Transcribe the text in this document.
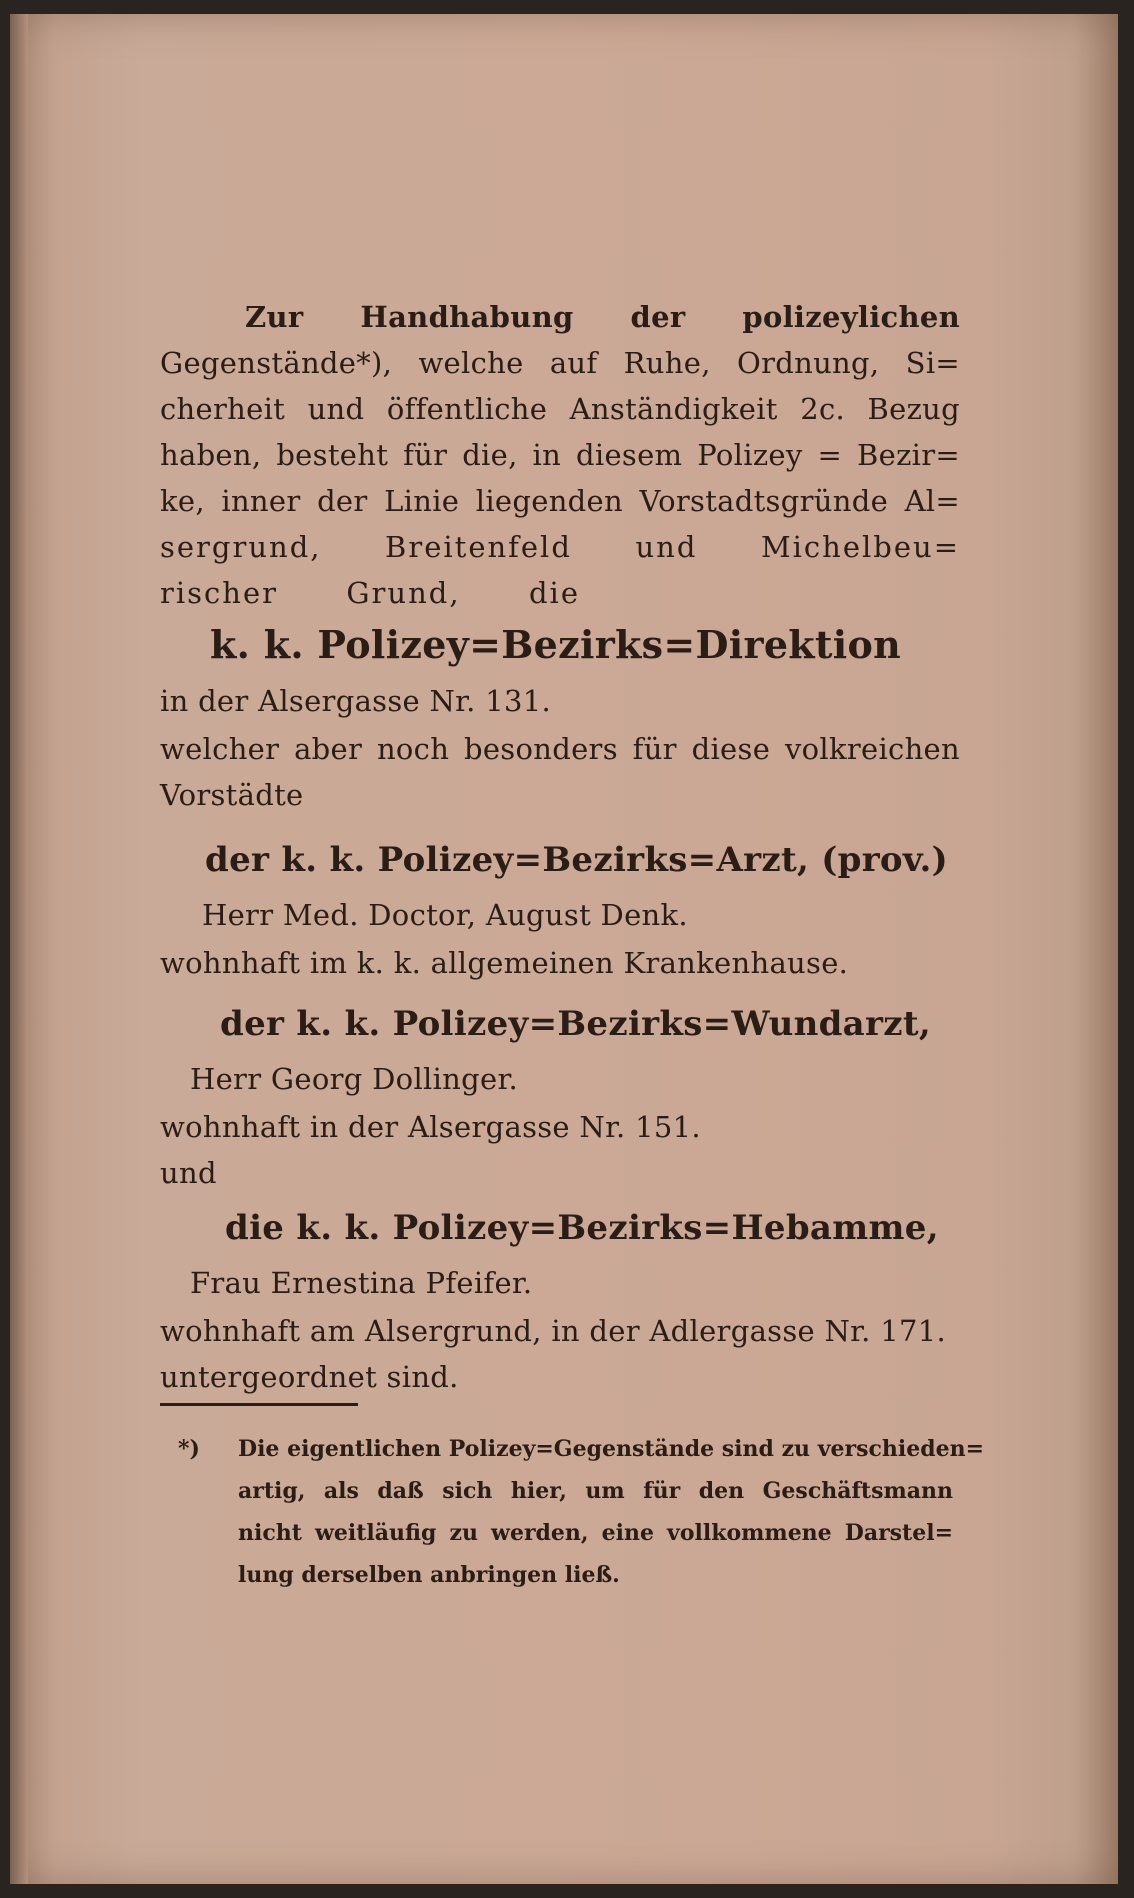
Zur Handhabung der polizeylichen
Gegenstände*), welche auf Ruhe, Ordnung, Si=
cherheit und öffentliche Anständigkeit 2c. Bezug
haben, besteht für die, in diesem Polizey = Bezir=
ke, inner der Linie liegenden Vorstadtsgründe Al=
sergrund, Breitenfeld und Michelbeu=
rischer Grund, die
k. k. Polizey=Bezirks=Direktion
in der Alsergasse Nr. 131.
welcher aber noch besonders für diese volkreichen
Vorstädte
der k. k. Polizey=Bezirks=Arzt, (prov.)
Herr Med. Doctor, August Denk.
wohnhaft im k. k. allgemeinen Krankenhause.
der k. k. Polizey=Bezirks=Wundarzt,
Herr Georg Dollinger.
wohnhaft in der Alsergasse Nr. 151.
und
die k. k. Polizey=Bezirks=Hebamme,
Frau Ernestina Pfeifer.
wohnhaft am Alsergrund, in der Adlergasse Nr. 171.
untergeordnet sind.
*) Die eigentlichen Polizey=Gegenstände sind zu verschieden=
artig, als daß sich hier, um für den Geschäftsmann
nicht weitläufig zu werden, eine vollkommene Darstel=
lung derselben anbringen ließ.
